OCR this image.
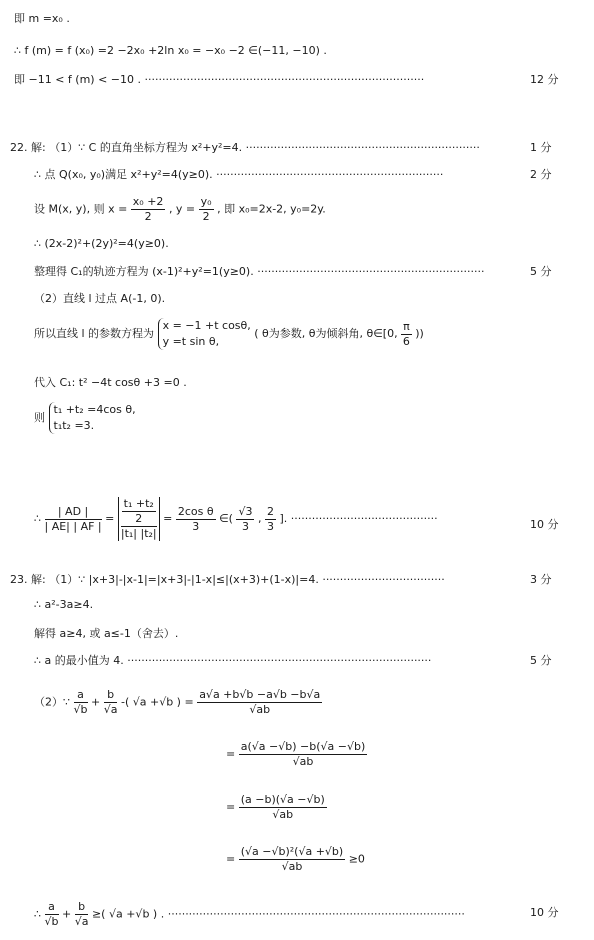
即 m =x₀ .
∴ f (m) = f (x₀) =2 −2x₀ +2ln x₀ = −x₀ −2 ∈(−11, −10) .
即 −11 < f (m) < −10 . ················································································	12 分
22. 解: （1）∵ C 的直角坐标方程为 x²+y²=4. ···································································	1 分
∴ 点 Q(x₀, y₀)满足 x²+y²=4(y≥0). ·································································	2 分
设 M(x, y), 则 $x = \frac{\text{x₀ +2}}{2}$ , $y = \frac{\text{y₀}}{2}$ , 即 x₀=2x-2, y₀=2y.
∴ (2x-2)²+(2y)²=4(y≥0).
整理得 C₁的轨迹方程为 (x-1)²+y²=1(y≥0). ·································································	5 分
（2）直线 l 过点 A(-1, 0).
所以直线 l 的参数方程为
x = −1 +t cosθ,
y =t sin θ,
( θ为参数, θ为倾斜角, θ∈[0, $\frac{\pi}{6}$ ))
代入 C₁: t² −4t cosθ +3 =0 .
则
t₁ +t₂ =4cos θ,
t₁t₂ =3.
∴ $\frac{| AD |}{| AE| | AF |} = \frac{\frac{\text{t₁ +t₂}}{2}}{\text{|t₁| |t₂|}} = \frac{\text{2cos θ}}{3}$ ∈( $\frac{√3}{3}$ , $\frac{2}{3}$ ]. ··········································	10 分
23. 解: （1）∵ |x+3|-|x-1|=|x+3|-|1-x|≤|(x+3)+(1-x)|=4. ···································	3 分
∴ a²-3a≥4.
解得 a≥4, 或 a≤-1（舍去）.
∴ a 的最小值为 4. ·······················································································	5 分
（2）∵ $\frac{a}{√b} + \frac{b}{√a}$ -( √a +√b ) = $\frac{a√a +b√b -a√b -b√a}{√ab}$
= $\frac{a(√a -√b) -b(√a -√b)}{√ab}$
= $\frac{(a -b)(√a -√b)}{√ab}$
= $\frac{\text{(√a −√b)²(√a +√b)}}{√ab} \ge 0$
∴ $\frac{a}{√b} + \frac{b}{√a}$ ≥( √a +√b ) . ·····················································································	10 分
